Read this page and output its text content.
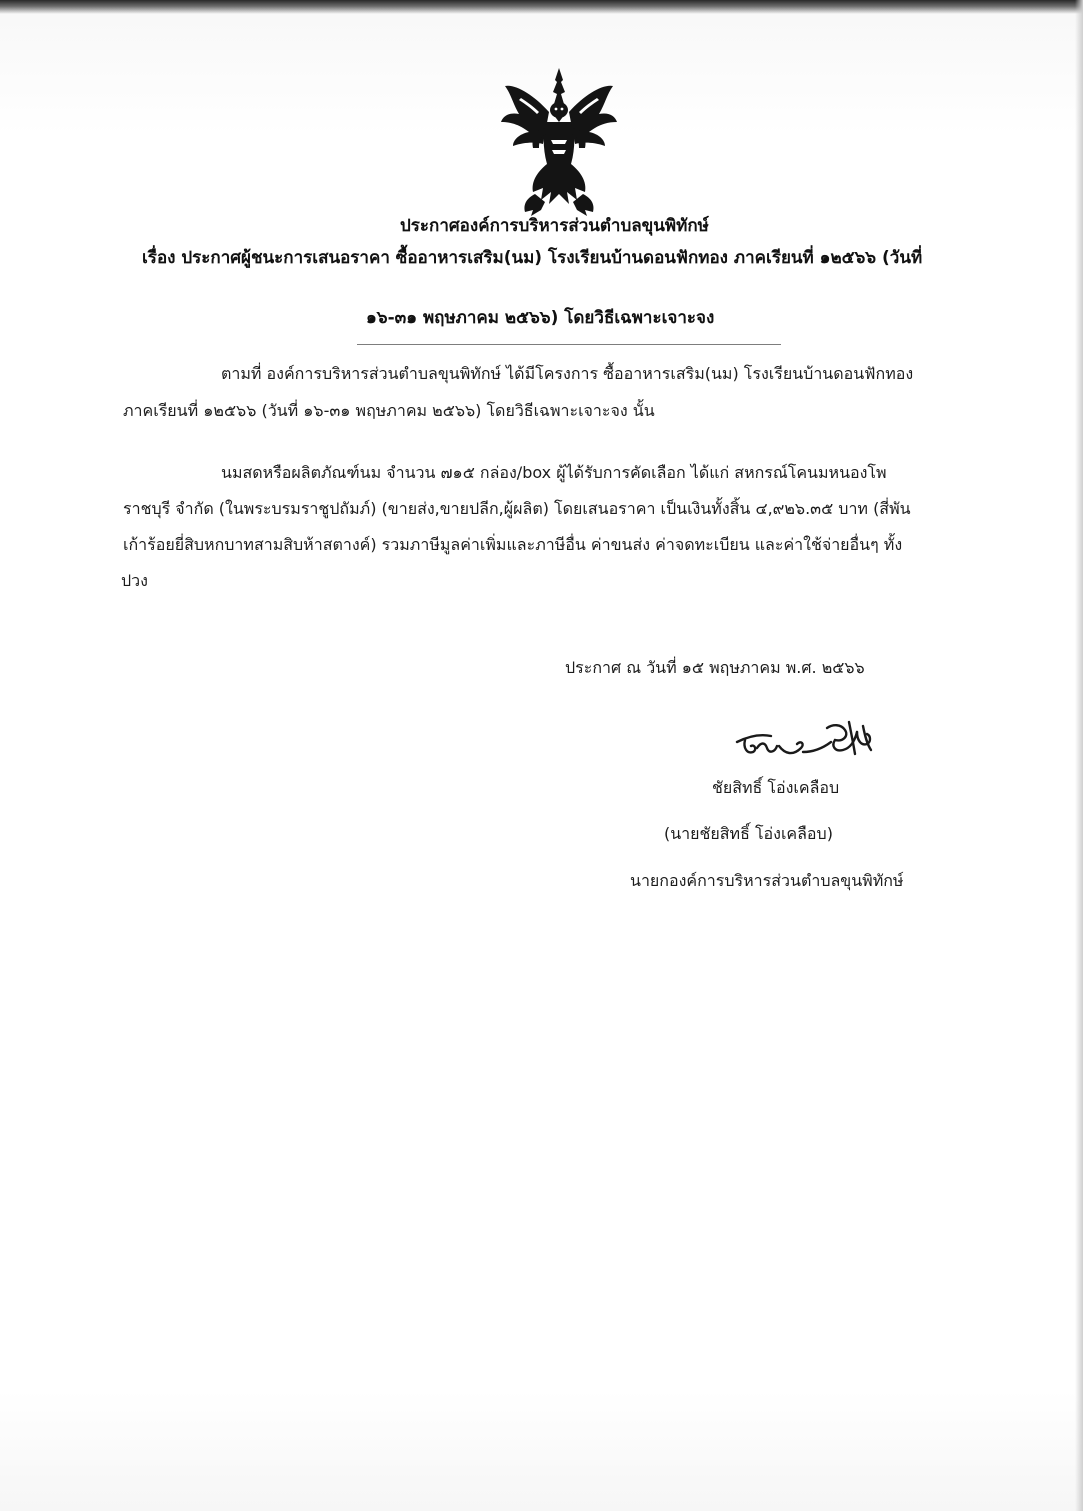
ประกาศองค์การบริหารส่วนตำบลขุนพิทักษ์
เรื่อง ประกาศผู้ชนะการเสนอราคา ซื้ออาหารเสริม(นม) โรงเรียนบ้านดอนฟักทอง ภาคเรียนที่ ๑๒๕๖๖ (วันที่
๑๖-๓๑ พฤษภาคม ๒๕๖๖) โดยวิธีเฉพาะเจาะจง
ตามที่ องค์การบริหารส่วนตำบลขุนพิทักษ์ ได้มีโครงการ ซื้ออาหารเสริม(นม) โรงเรียนบ้านดอนฟักทอง
ภาคเรียนที่ ๑๒๕๖๖ (วันที่ ๑๖-๓๑ พฤษภาคม ๒๕๖๖) โดยวิธีเฉพาะเจาะจง นั้น
นมสดหรือผลิตภัณฑ์นม จำนวน ๗๑๕ กล่อง/box ผู้ได้รับการคัดเลือก ได้แก่ สหกรณ์โคนมหนองโพ
ราชบุรี จำกัด (ในพระบรมราชูปถัมภ์) (ขายส่ง,ขายปลีก,ผู้ผลิต) โดยเสนอราคา เป็นเงินทั้งสิ้น ๔,๙๒๖.๓๕ บาท (สี่พัน
เก้าร้อยยี่สิบหกบาทสามสิบห้าสตางค์) รวมภาษีมูลค่าเพิ่มและภาษีอื่น ค่าขนส่ง ค่าจดทะเบียน และค่าใช้จ่ายอื่นๆ ทั้ง
ปวง
ประกาศ ณ วันที่ ๑๕ พฤษภาคม พ.ศ. ๒๕๖๖
ชัยสิทธิ์ โอ่งเคลือบ
(นายชัยสิทธิ์ โอ่งเคลือบ)
นายกองค์การบริหารส่วนตำบลขุนพิทักษ์
